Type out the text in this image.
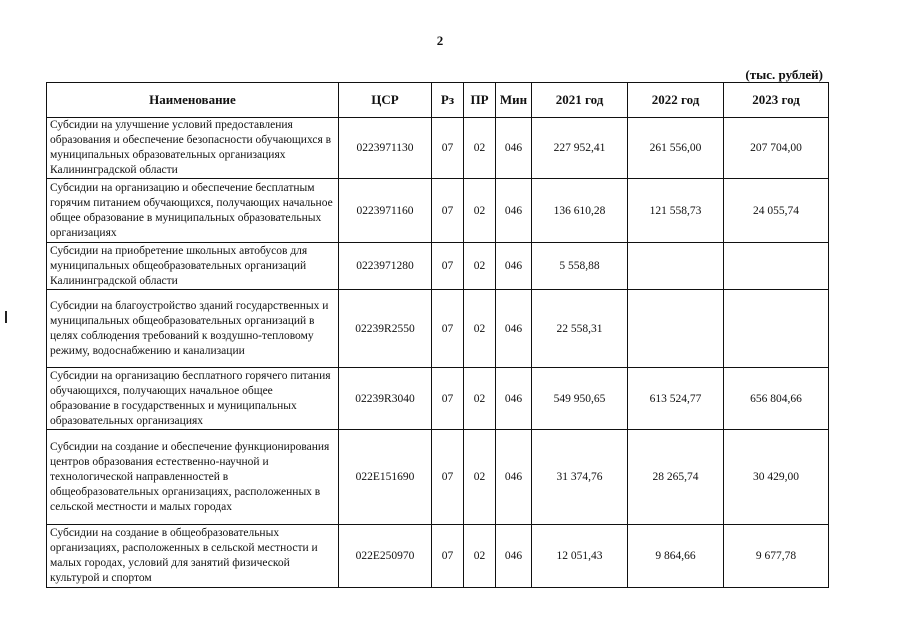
2
(тыс. рублей)
Наименование	ЦСР	Рз	ПР	Мин	2021 год	2022 год	2023 год
Субсидии на улучшение условий предоставления образования и обеспечение безопасности обучающихся в муниципальных образовательных организациях Калининградской области	0223971130	07	02	046	227 952,41	261 556,00	207 704,00
Субсидии на организацию и обеспечение бесплатным горячим питанием обучающихся, получающих начальное общее образование в муниципальных образовательных организациях	0223971160	07	02	046	136 610,28	121 558,73	24 055,74
Субсидии на приобретение школьных автобусов для муниципальных общеобразовательных организаций Калининградской области	0223971280	07	02	046	5 558,88		
Субсидии на благоустройство зданий государственных и муниципальных общеобразовательных организаций в целях соблюдения требований к воздушно-тепловому режиму, водоснабжению и канализации	02239R2550	07	02	046	22 558,31		
Субсидии на организацию бесплатного горячего питания обучающихся, получающих начальное общее образование в государственных и муниципальных образовательных организациях	02239R3040	07	02	046	549 950,65	613 524,77	656 804,66
Субсидии на создание и обеспечение функционирования центров образования естественно-научной и технологической направленностей в общеобразовательных организациях, расположенных в сельской местности и малых городах	022E151690	07	02	046	31 374,76	28 265,74	30 429,00
Субсидии на создание в общеобразовательных организациях, расположенных в сельской местности и малых городах, условий для занятий физической культурой и спортом	022E250970	07	02	046	12 051,43	9 864,66	9 677,78
